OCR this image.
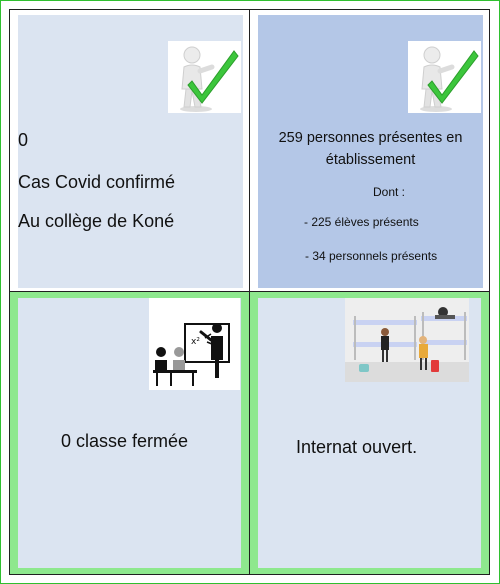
0
Cas Covid confirmé
Au collège de Koné
259 personnes présentes en
établissement
Dont :
- 225 élèves présents
- 34 personnels présents
x²
0 classe fermée	Internat ouvert.
